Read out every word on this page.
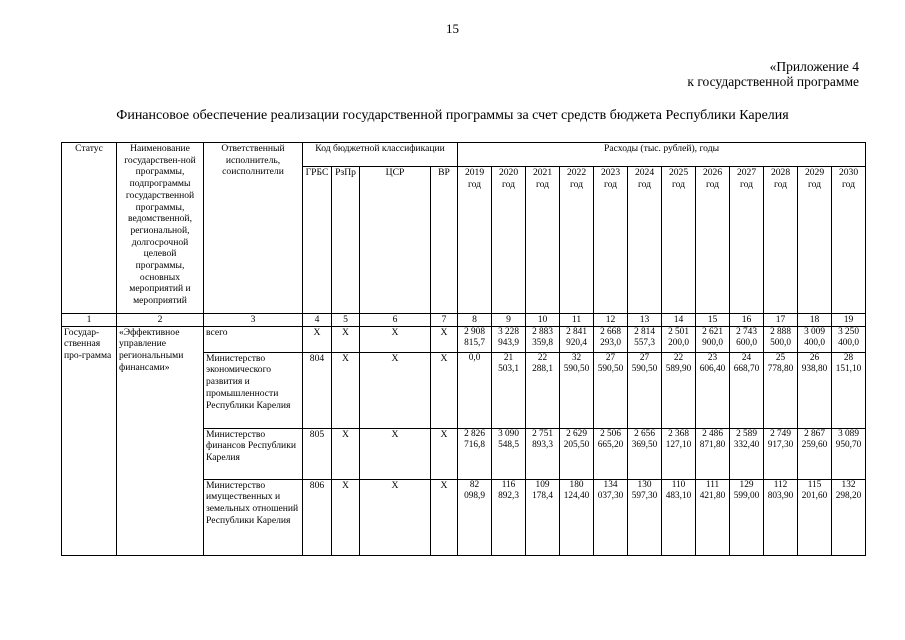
15
«Приложение 4
к государственной программе
Финансовое обеспечение реализации государственной программы за счет средств бюджета Республики Карелия
Статус	Наименование государствен-ной программы, подпрограммы государственной программы, ведомственной, региональной, долгосрочной целевой программы, основных мероприятий и мероприятий	Ответственный исполнитель, соисполнители	Код бюджетной классификации				Расходы (тыс. рублей), годы											
			ГРБС	РзПр	ЦСР	ВР	2019 год	2020 год	2021 год	2022 год	2023 год	2024 год	2025 год	2026 год	2027 год	2028 год	2029 год	2030 год
1	2	3	4	5	6	7	8	9	10	11	12	13	14	15	16	17	18	19
Государ-ственная про-грамма	«Эффективное управление региональными финансами»	всего	Х	Х	Х	Х	2 908 815,7	3 228 943,9	2 883 359,8	2 841 920,4	2 668 293,0	2 814 557,3	2 501 200,0	2 621 900,0	2 743 600,0	2 888 500,0	3 009 400,0	3 250 400,0
		Министерство экономического развития и промышленности Республики Карелия	804	Х	Х	Х	0,0	21 503,1	22 288,1	32 590,50	27 590,50	27 590,50	22 589,90	23 606,40	24 668,70	25 778,80	26 938,80	28 151,10
		Министерство финансов Республики Карелия	805	Х	Х	Х	2 826 716,8	3 090 548,5	2 751 893,3	2 629 205,50	2 506 665,20	2 656 369,50	2 368 127,10	2 486 871,80	2 589 332,40	2 749 917,30	2 867 259,60	3 089 950,70
		Министерство имущественных и земельных отношений Республики Карелия	806	Х	Х	Х	82 098,9	116 892,3	109 178,4	180 124,40	134 037,30	130 597,30	110 483,10	111 421,80	129 599,00	112 803,90	115 201,60	132 298,20
